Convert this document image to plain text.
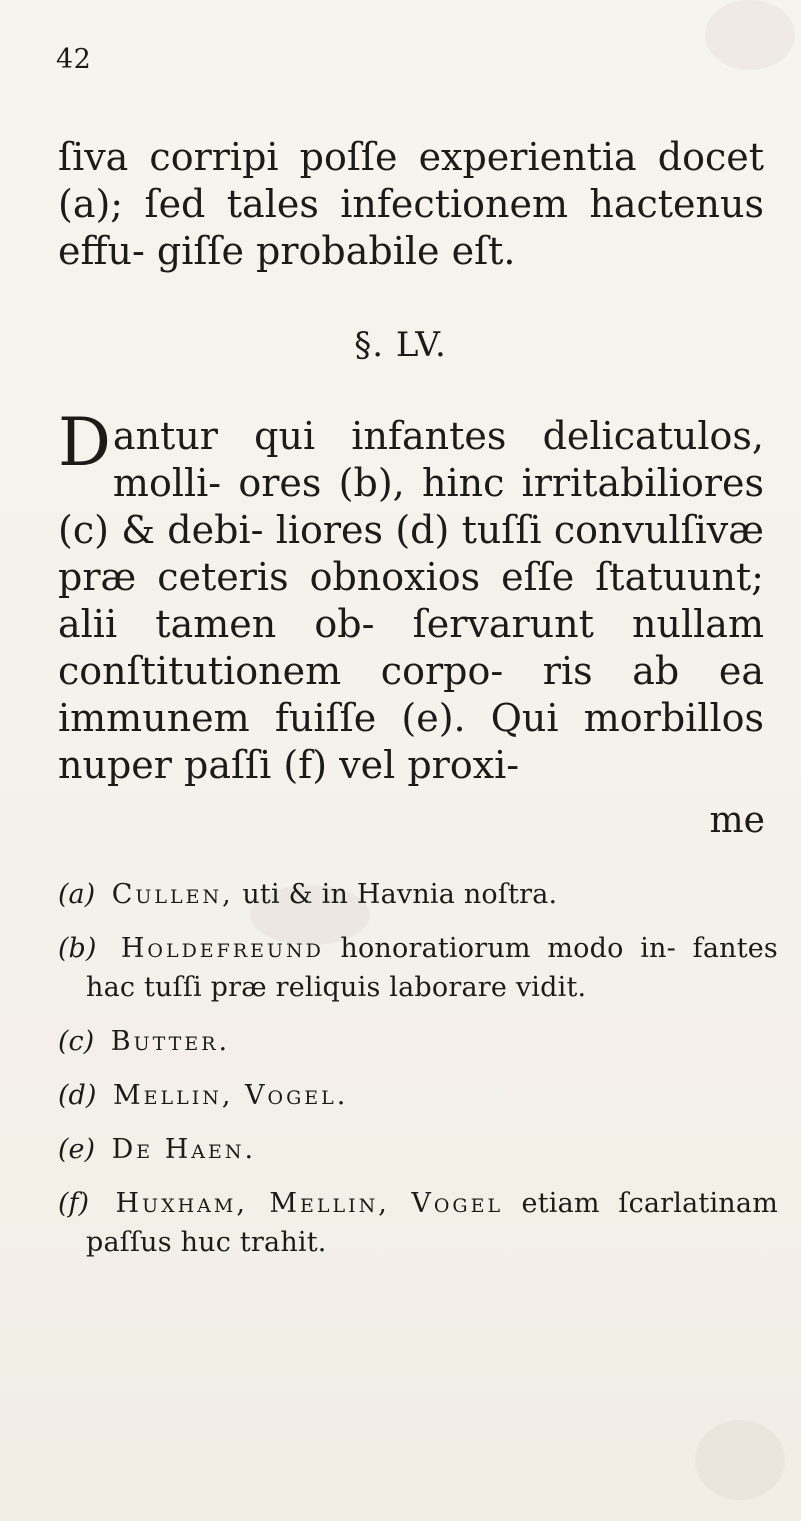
42

ſiva corripi poſſe experientia docet (a); ſed tales infectionem hactenus effu- giſſe probabile eſt.

§. LV.

Dantur qui infantes delicatulos, molli- ores (b), hinc irritabiliores (c) & debi- liores (d) tuſſi convulſivæ præ ceteris obnoxios eſſe ſtatuunt; alii tamen ob- ſervarunt nullam conſtitutionem corpo- ris ab ea immunem fuiſſe (e). Qui morbillos nuper paſſi (f) vel proxi-

me
(a) Cullen, uti & in Havnia noſtra.
(b) Holdefreund honoratiorum modo in- fantes hac tuſſi præ reliquis laborare vidit.
(c) Butter.
(d) Mellin, Vogel.
(e) De Haen.
(f) Huxham, Mellin, Vogel etiam ſcarlatinam paſſus huc trahit.
